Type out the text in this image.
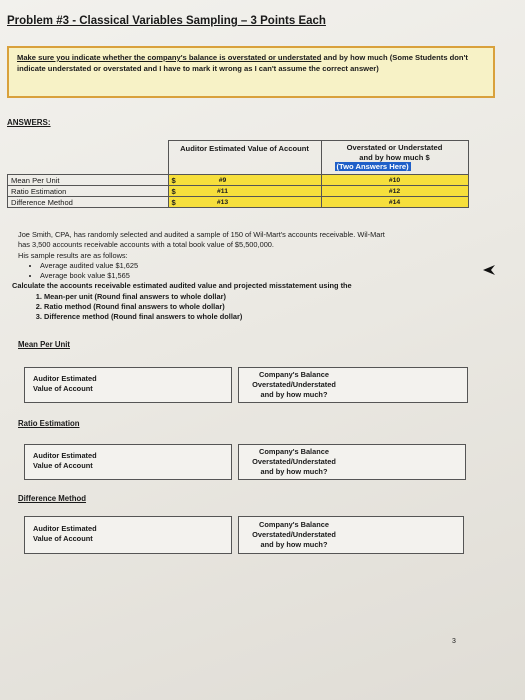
Problem #3 - Classical Variables Sampling – 3 Points Each
Make sure you indicate whether the company's balance is overstated or understated and by how much (Some Students don't indicate understated or overstated and I have to mark it wrong as I can't assume the correct answer)
ANSWERS:
	Auditor Estimated Value of Account		Overstated or Understated
and by how much $
(Two Answers Here)

Mean Per Unit	$	#9	#10
Ratio Estimation	$	#11	#12
Difference Method	$	#13	#14
Joe Smith, CPA, has randomly selected and audited a sample of 150 of Wil-Mart's accounts receivable. Wil-Mart
has 3,500 accounts receivable accounts with a total book value of $5,500,000.
His sample results are as follows:
• Average audited value $1,625
• Average book value $1,565
Calculate the accounts receivable estimated audited value and projected misstatement using the
1. Mean-per unit (Round final answers to whole dollar)
2. Ratio method (Round final answers to whole dollar)
3. Difference method (Round final answers to whole dollar)
Mean Per Unit
Auditor Estimated
Value of Account
Company's Balance
Overstated/Understated
and by how much?
Ratio Estimation
Auditor Estimated
Value of Account
Company's Balance
Overstated/Understated
and by how much?
Difference Method
Auditor Estimated
Value of Account
Company's Balance
Overstated/Understated
and by how much?
3
